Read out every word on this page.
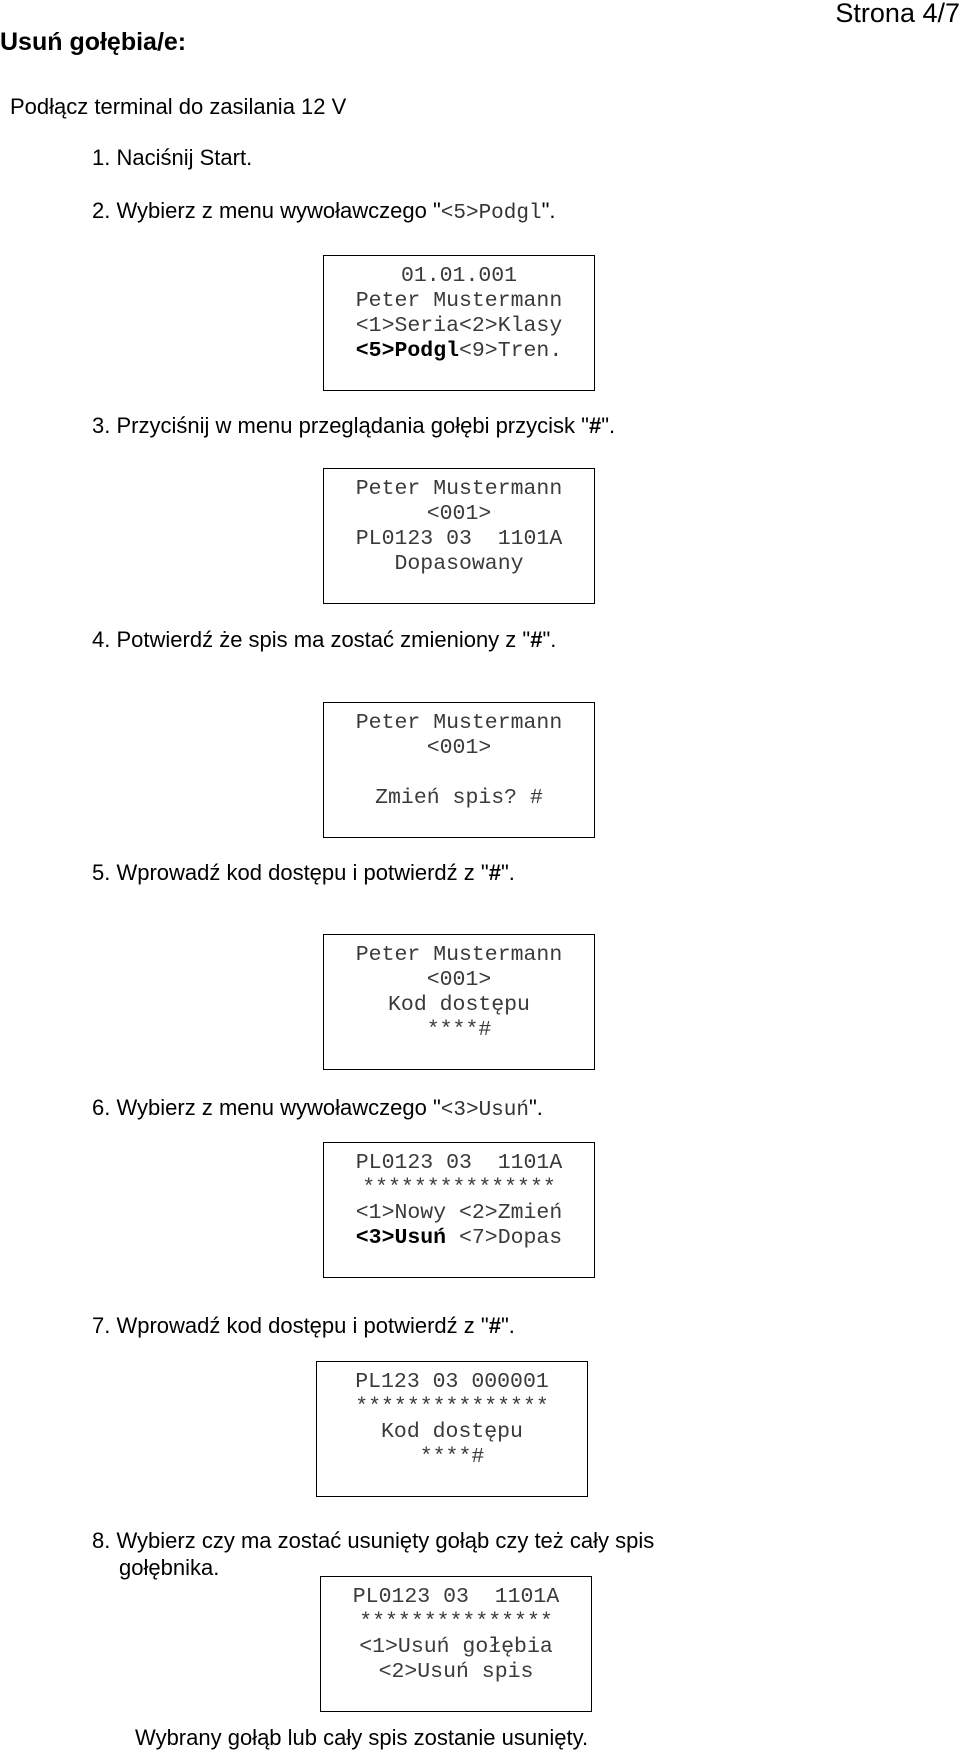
Usuń gołębia/e:
Strona 4/7
Podłącz terminal do zasilania 12 V
1. Naciśnij Start.
2. Wybierz z menu wywoławczego "<5>Podgl".
01.01.001
Peter Mustermann
<1>Seria<2>Klasy
<5>Podgl<9>Tren.
3. Przyciśnij w menu przeglądania gołębi przycisk "#".
Peter Mustermann
<001>
PL0123 03  1101A
Dopasowany
4. Potwierdź że spis ma zostać zmieniony z "#".
Peter Mustermann
<001>
Zmień spis? #
5. Wprowadź kod dostępu i potwierdź z "#".
Peter Mustermann
<001>
Kod dostępu
****#
6. Wybierz z menu wywoławczego "<3>Usuń".
PL0123 03  1101A
***************
<1>Nowy <2>Zmień
<3>Usuń <7>Dopas
7. Wprowadź kod dostępu i potwierdź z "#".
PL123 03 000001
***************
Kod dostępu
****#
8. Wybierz czy ma zostać usunięty gołąb czy też cały spis
gołębnika.
PL0123 03  1101A
***************
<1>Usuń gołębia
<2>Usuń spis
Wybrany gołąb lub cały spis zostanie usunięty.
